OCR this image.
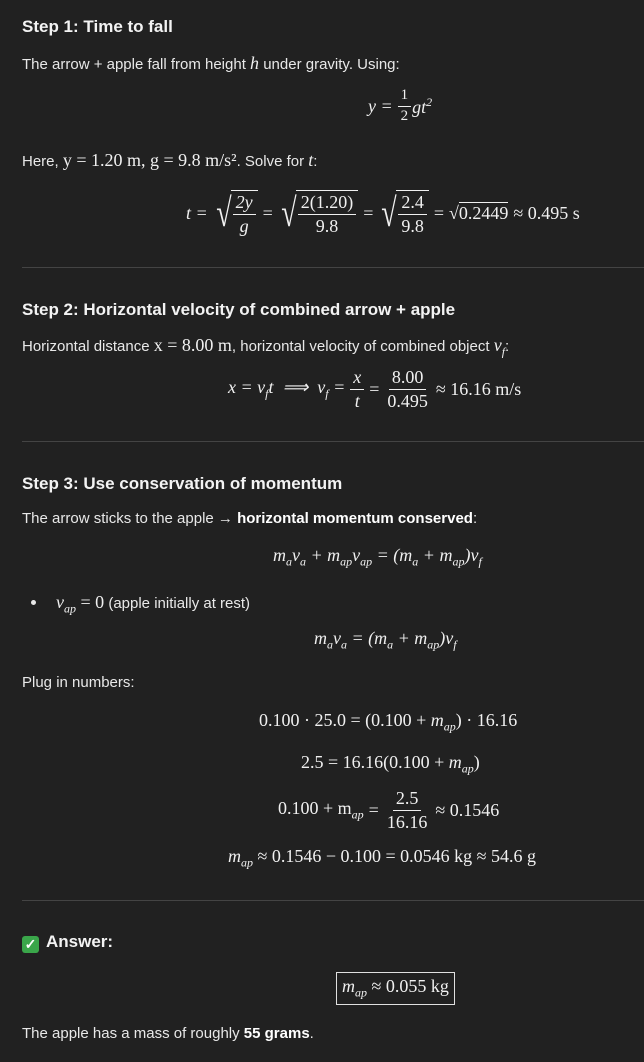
Step 1: Time to fall
The arrow + apple fall from height h under gravity. Using:
$y = \frac{1}{2} gt^2$
Here, y = 1.20 m, g = 9.8 m/s². Solve for t:
t = √ $\frac{2y}{g}$ = √ $\frac{2(1.20)}{9.8}$ = √ $\frac{2.4}{9.8} = √0.2449 \approx 0.495$ s
Step 2: Horizontal velocity of combined arrow + apple
Horizontal distance x = 8.00 m, horizontal velocity of combined object $v_f$:
$x = v_ft$  ⟹  $v_f = \frac{x}{t} = \frac{8.00}{0.495} \approx 16.16$ m/s
Step 3: Use conservation of momentum
The arrow sticks to the apple → horizontal momentum conserved:
$m_av_a + m_{ap}v_{ap} = (m_a + m_{ap})v_f$
$v_{ap} = 0$ (apple initially at rest)
$m_av_a = (m_a + m_{ap})v_f$
Plug in numbers:
$0.100 \cdot 25.0 = (0.100 + m_{ap}) \cdot 16.16$
$2.5 = 16.16(0.100 + m_{ap})$
$0.100 + m_{ap} = \frac{2.5}{16.16} \approx 0.1546$
$m_{ap} \approx 0.1546 - 0.100 = 0.0546$ kg ≈ 54.6 g
✓ Answer:
$m_{ap} \approx 0.055$ kg
The apple has a mass of roughly 55 grams.
